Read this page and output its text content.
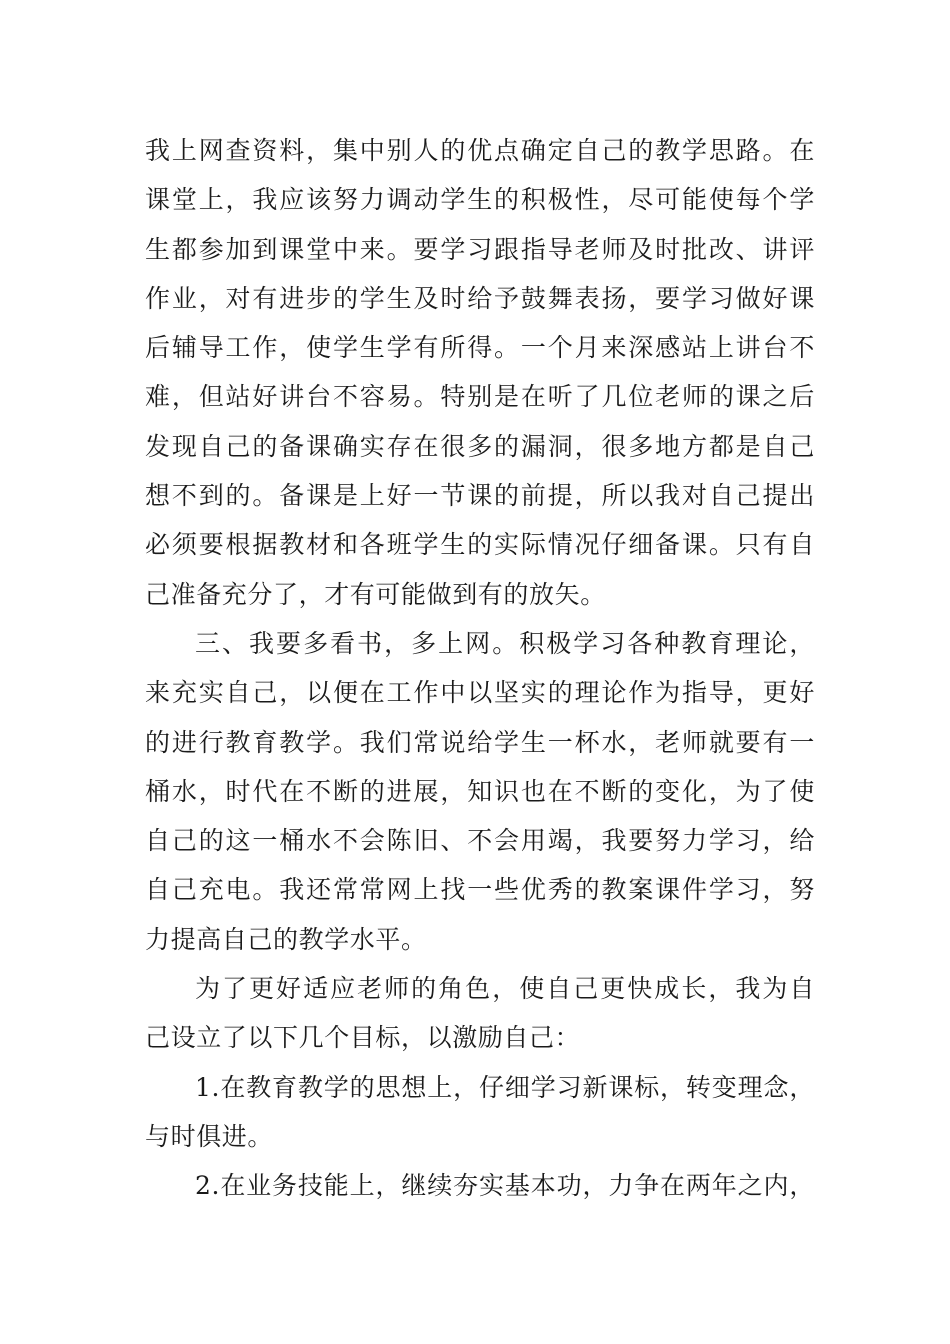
我上网查资料，集中别人的优点确定自己的教学思路。在
课堂上，我应该努力调动学生的积极性，尽可能使每个学
生都参加到课堂中来。要学习跟指导老师及时批改、讲评
作业，对有进步的学生及时给予鼓舞表扬，要学习做好课
后辅导工作，使学生学有所得。一个月来深感站上讲台不
难，但站好讲台不容易。特别是在听了几位老师的课之后
发现自己的备课确实存在很多的漏洞，很多地方都是自己
想不到的。备课是上好一节课的前提，所以我对自己提出
必须要根据教材和各班学生的实际情况仔细备课。只有自
己准备充分了，才有可能做到有的放矢。
三、我要多看书，多上网。积极学习各种教育理论，
来充实自己，以便在工作中以坚实的理论作为指导，更好
的进行教育教学。我们常说给学生一杯水，老师就要有一
桶水，时代在不断的进展，知识也在不断的变化，为了使
自己的这一桶水不会陈旧、不会用竭，我要努力学习，给
自己充电。我还常常网上找一些优秀的教案课件学习，努
力提高自己的教学水平。
为了更好适应老师的角色，使自己更快成长，我为自
己设立了以下几个目标，以激励自己：
1.在教育教学的思想上，仔细学习新课标，转变理念，
与时俱进。
2.在业务技能上，继续夯实基本功，力争在两年之内，
